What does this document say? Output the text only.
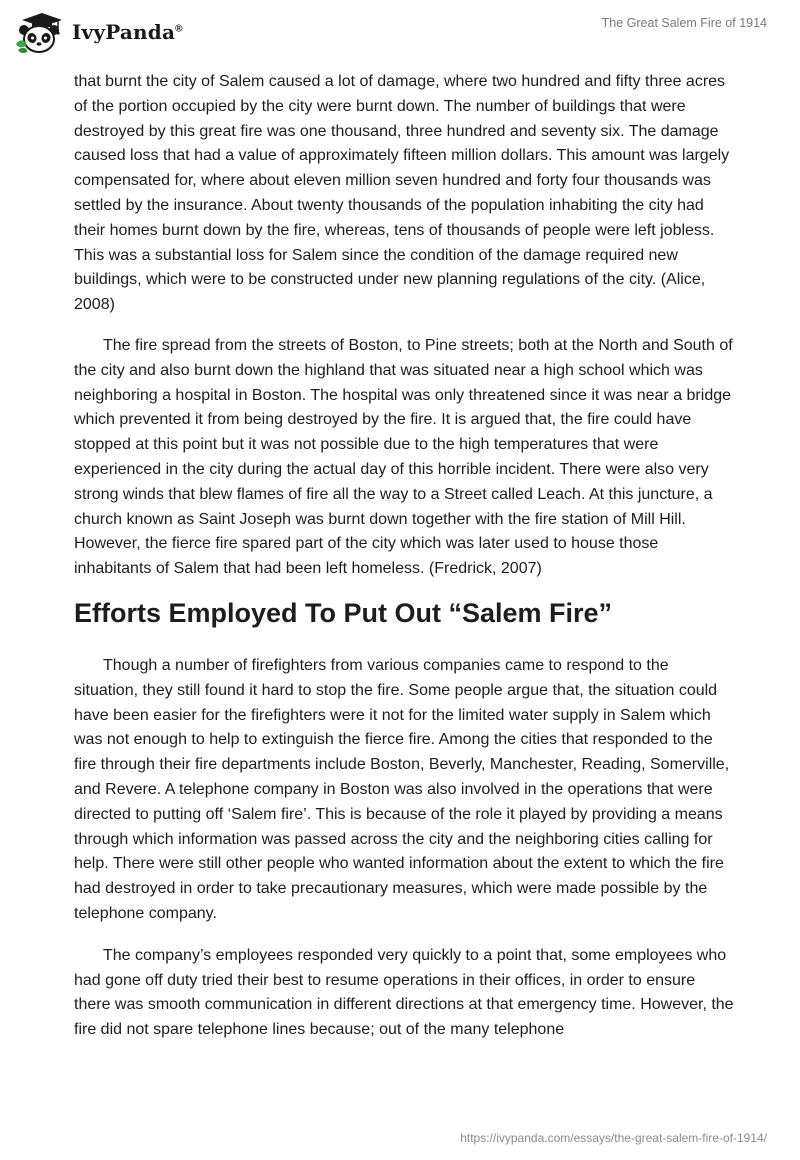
IvyPanda®	The Great Salem Fire of 1914

that burnt the city of Salem caused a lot of damage, where two hundred and fifty three acres of the portion occupied by the city were burnt down. The number of buildings that were destroyed by this great fire was one thousand, three hundred and seventy six. The damage caused loss that had a value of approximately fifteen million dollars. This amount was largely compensated for, where about eleven million seven hundred and forty four thousands was settled by the insurance. About twenty thousands of the population inhabiting the city had their homes burnt down by the fire, whereas, tens of thousands of people were left jobless. This was a substantial loss for Salem since the condition of the damage required new buildings, which were to be constructed under new planning regulations of the city. (Alice, 2008)

The fire spread from the streets of Boston, to Pine streets; both at the North and South of the city and also burnt down the highland that was situated near a high school which was neighboring a hospital in Boston. The hospital was only threatened since it was near a bridge which prevented it from being destroyed by the fire. It is argued that, the fire could have stopped at this point but it was not possible due to the high temperatures that were experienced in the city during the actual day of this horrible incident. There were also very strong winds that blew flames of fire all the way to a Street called Leach. At this juncture, a church known as Saint Joseph was burnt down together with the fire station of Mill Hill. However, the fierce fire spared part of the city which was later used to house those inhabitants of Salem that had been left homeless. (Fredrick, 2007)

Efforts Employed To Put Out “Salem Fire”

Though a number of firefighters from various companies came to respond to the situation, they still found it hard to stop the fire. Some people argue that, the situation could have been easier for the firefighters were it not for the limited water supply in Salem which was not enough to help to extinguish the fierce fire. Among the cities that responded to the fire through their fire departments include Boston, Beverly, Manchester, Reading, Somerville, and Revere. A telephone company in Boston was also involved in the operations that were directed to putting off ‘Salem fire’. This is because of the role it played by providing a means through which information was passed across the city and the neighboring cities calling for help. There were still other people who wanted information about the extent to which the fire had destroyed in order to take precautionary measures, which were made possible by the telephone company.

The company’s employees responded very quickly to a point that, some employees who had gone off duty tried their best to resume operations in their offices, in order to ensure there was smooth communication in different directions at that emergency time. However, the fire did not spare telephone lines because; out of the many telephone

https://ivypanda.com/essays/the-great-salem-fire-of-1914/
